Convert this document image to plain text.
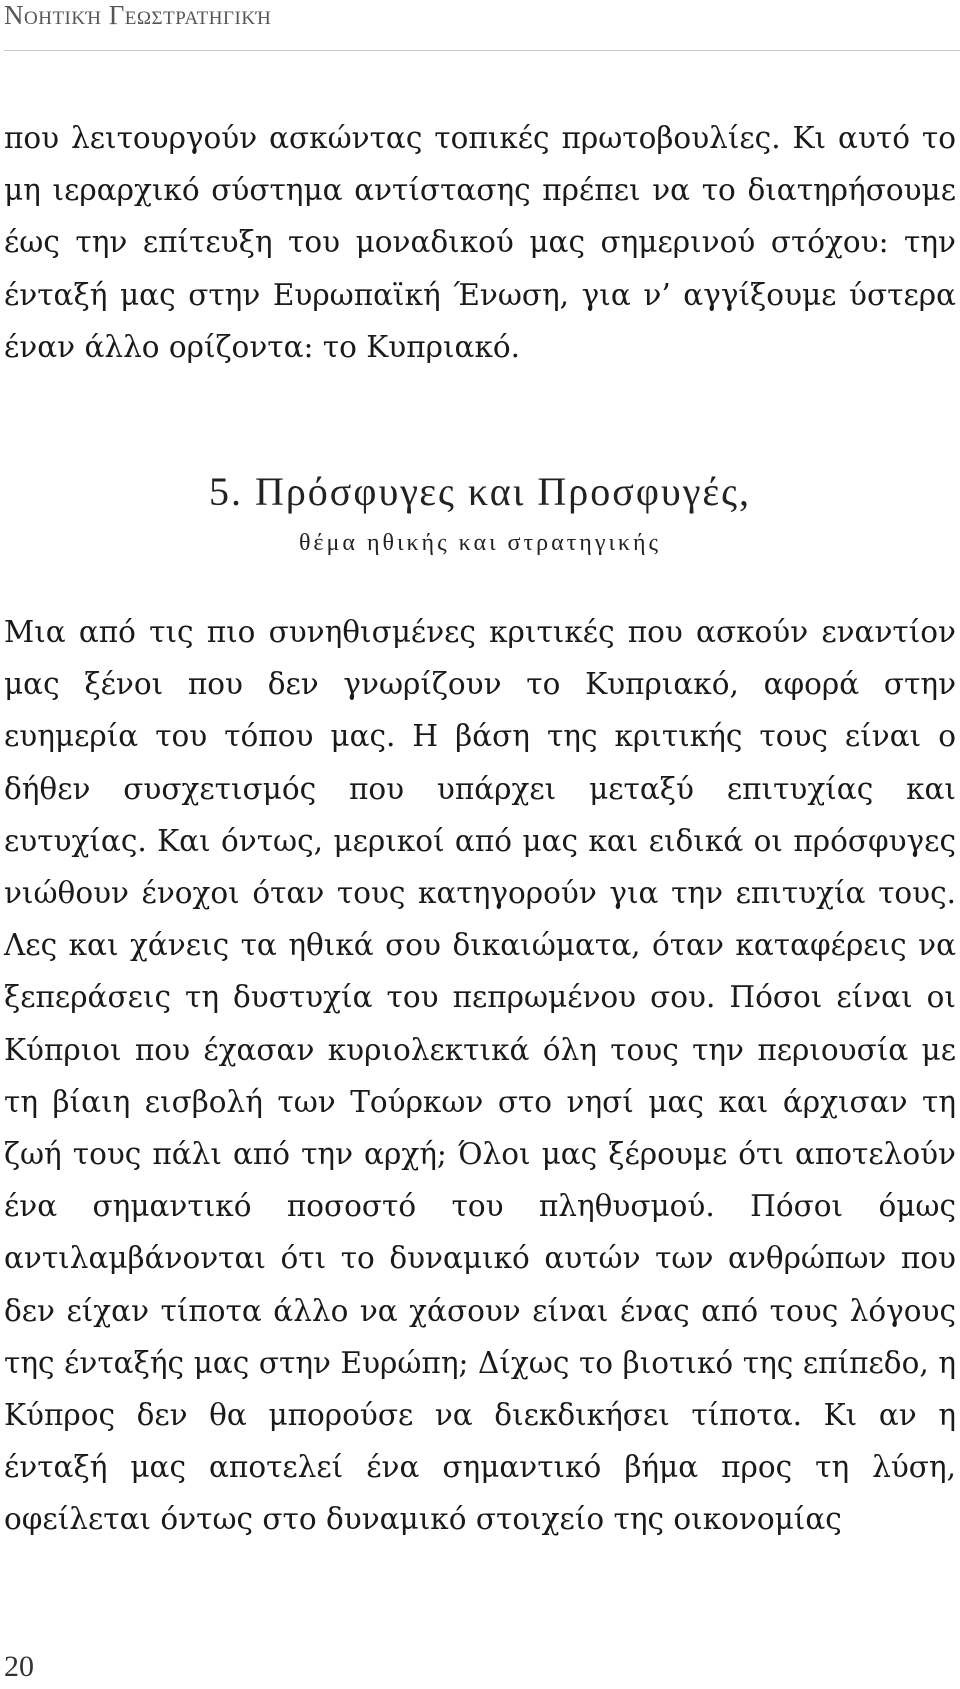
Νοητική Γεωστρατηγική

που λειτουργούν ασκώντας τοπικές πρωτοβουλίες. Κι αυτό το μη ιεραρχικό σύστημα αντίστασης πρέπει να το διατηρήσουμε έως την επίτευξη του μοναδικού μας σημερινού στόχου: την ένταξή μας στην Ευρωπαϊκή Ένωση, για ν’ αγγίξουμε ύστερα έναν άλλο ορίζοντα: το Κυπριακό.

5. Πρόσφυγες και Προσφυγές,
θέμα ηθικής και στρατηγικής

Μια από τις πιο συνηθισμένες κριτικές που ασκούν εναντίον μας ξένοι που δεν γνωρίζουν το Κυπριακό, αφορά στην ευημερία του τόπου μας. Η βάση της κριτικής τους είναι ο δήθεν συσχετισμός που υπάρχει μεταξύ επιτυχίας και ευτυχίας. Και όντως, μερικοί από μας και ειδικά οι πρόσφυγες νιώθουν ένοχοι όταν τους κατηγορούν για την επιτυχία τους. Λες και χάνεις τα ηθικά σου δικαιώματα, όταν καταφέρεις να ξεπεράσεις τη δυστυχία του πεπρωμένου σου. Πόσοι είναι οι Κύπριοι που έχασαν κυριολεκτικά όλη τους την περιουσία με τη βίαιη εισβολή των Τούρκων στο νησί μας και άρχισαν τη ζωή τους πάλι από την αρχή; Όλοι μας ξέρουμε ότι αποτελούν ένα σημαντικό ποσοστό του πληθυσμού. Πόσοι όμως αντιλαμβάνονται ότι το δυναμικό αυτών των ανθρώπων που δεν είχαν τίποτα άλλο να χάσουν είναι ένας από τους λόγους της ένταξής μας στην Ευρώπη; Δίχως το βιοτικό της επίπεδο, η Κύπρος δεν θα μπορούσε να διεκδικήσει τίποτα. Κι αν η ένταξή μας αποτελεί ένα σημαντικό βήμα προς τη λύση, οφείλεται όντως στο δυναμικό στοιχείο της οικονομίας

20
